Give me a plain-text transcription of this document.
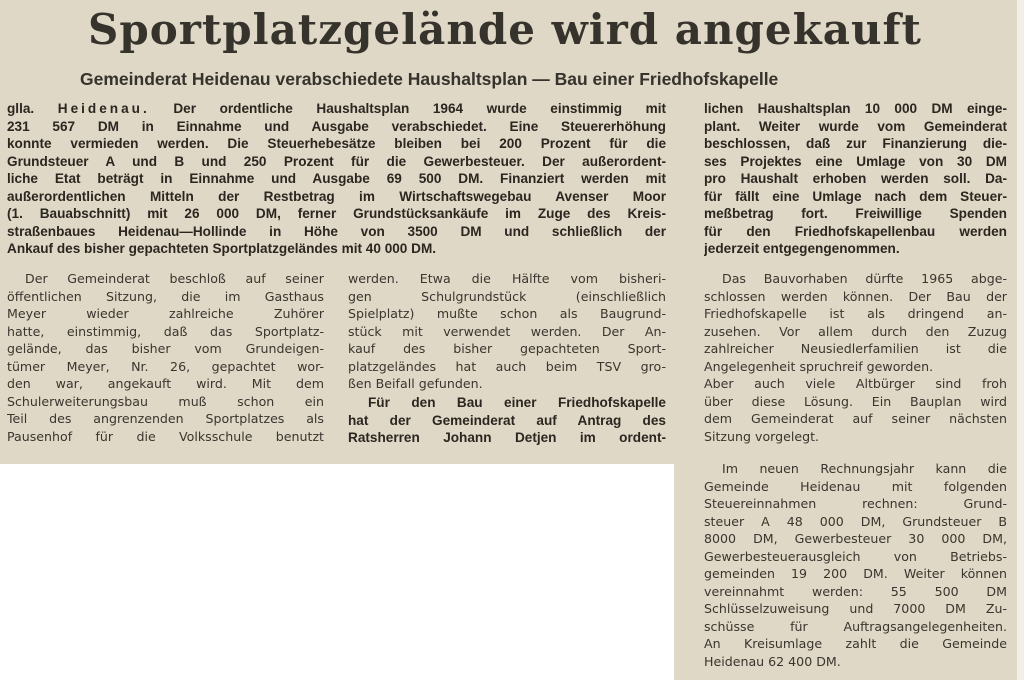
Sportplatzgelände wird angekauft
Gemeinderat Heidenau verabschiedete Haushaltsplan — Bau einer Friedhofskapelle
glla. Heidenau. Der ordentliche Haushaltsplan 1964 wurde einstimmig mit
231 567 DM in Einnahme und Ausgabe verabschiedet. Eine Steuererhöhung
konnte vermieden werden. Die Steuerhebesätze bleiben bei 200 Prozent für die
Grundsteuer A und B und 250 Prozent für die Gewerbesteuer. Der außerordent-
liche Etat beträgt in Einnahme und Ausgabe 69 500 DM. Finanziert werden mit
außerordentlichen Mitteln der Restbetrag im Wirtschaftswegebau Avenser Moor
(1. Bauabschnitt) mit 26 000 DM, ferner Grundstücksankäufe im Zuge des Kreis-
straßenbaues Heidenau—Hollinde in Höhe von 3500 DM und schließlich der
Ankauf des bisher gepachteten Sportplatzgeländes mit 40 000 DM.
Der Gemeinderat beschloß auf seiner
öffentlichen Sitzung, die im Gasthaus
Meyer wieder zahlreiche Zuhörer
hatte, einstimmig, daß das Sportplatz-
gelände, das bisher vom Grundeigen-
tümer Meyer, Nr. 26, gepachtet wor-
den war, angekauft wird. Mit dem
Schulerweiterungsbau muß schon ein
Teil des angrenzenden Sportplatzes als
Pausenhof für die Volksschule benutzt
werden. Etwa die Hälfte vom bisheri-
gen Schulgrundstück (einschließlich
Spielplatz) mußte schon als Baugrund-
stück mit verwendet werden. Der An-
kauf des bisher gepachteten Sport-
platzgeländes hat auch beim TSV gro-
ßen Beifall gefunden.
Für den Bau einer Friedhofskapelle
hat der Gemeinderat auf Antrag des
Ratsherren Johann Detjen im ordent-
lichen Haushaltsplan 10 000 DM einge-
plant. Weiter wurde vom Gemeinderat
beschlossen, daß zur Finanzierung die-
ses Projektes eine Umlage von 30 DM
pro Haushalt erhoben werden soll. Da-
für fällt eine Umlage nach dem Steuer-
meßbetrag fort. Freiwillige Spenden
für den Friedhofskapellenbau werden
jederzeit entgegengenommen.
Das Bauvorhaben dürfte 1965 abge-
schlossen werden können. Der Bau der
Friedhofskapelle ist als dringend an-
zusehen. Vor allem durch den Zuzug
zahlreicher Neusiedlerfamilien ist die
Angelegenheit spruchreif geworden.
Aber auch viele Altbürger sind froh
über diese Lösung. Ein Bauplan wird
dem Gemeinderat auf seiner nächsten
Sitzung vorgelegt.
Im neuen Rechnungsjahr kann die
Gemeinde Heidenau mit folgenden
Steuereinnahmen rechnen: Grund-
steuer A 48 000 DM, Grundsteuer B
8000 DM, Gewerbesteuer 30 000 DM,
Gewerbesteuerausgleich von Betriebs-
gemeinden 19 200 DM. Weiter können
vereinnahmt werden: 55 500 DM
Schlüsselzuweisung und 7000 DM Zu-
schüsse für Auftragsangelegenheiten.
An Kreisumlage zahlt die Gemeinde
Heidenau 62 400 DM.
